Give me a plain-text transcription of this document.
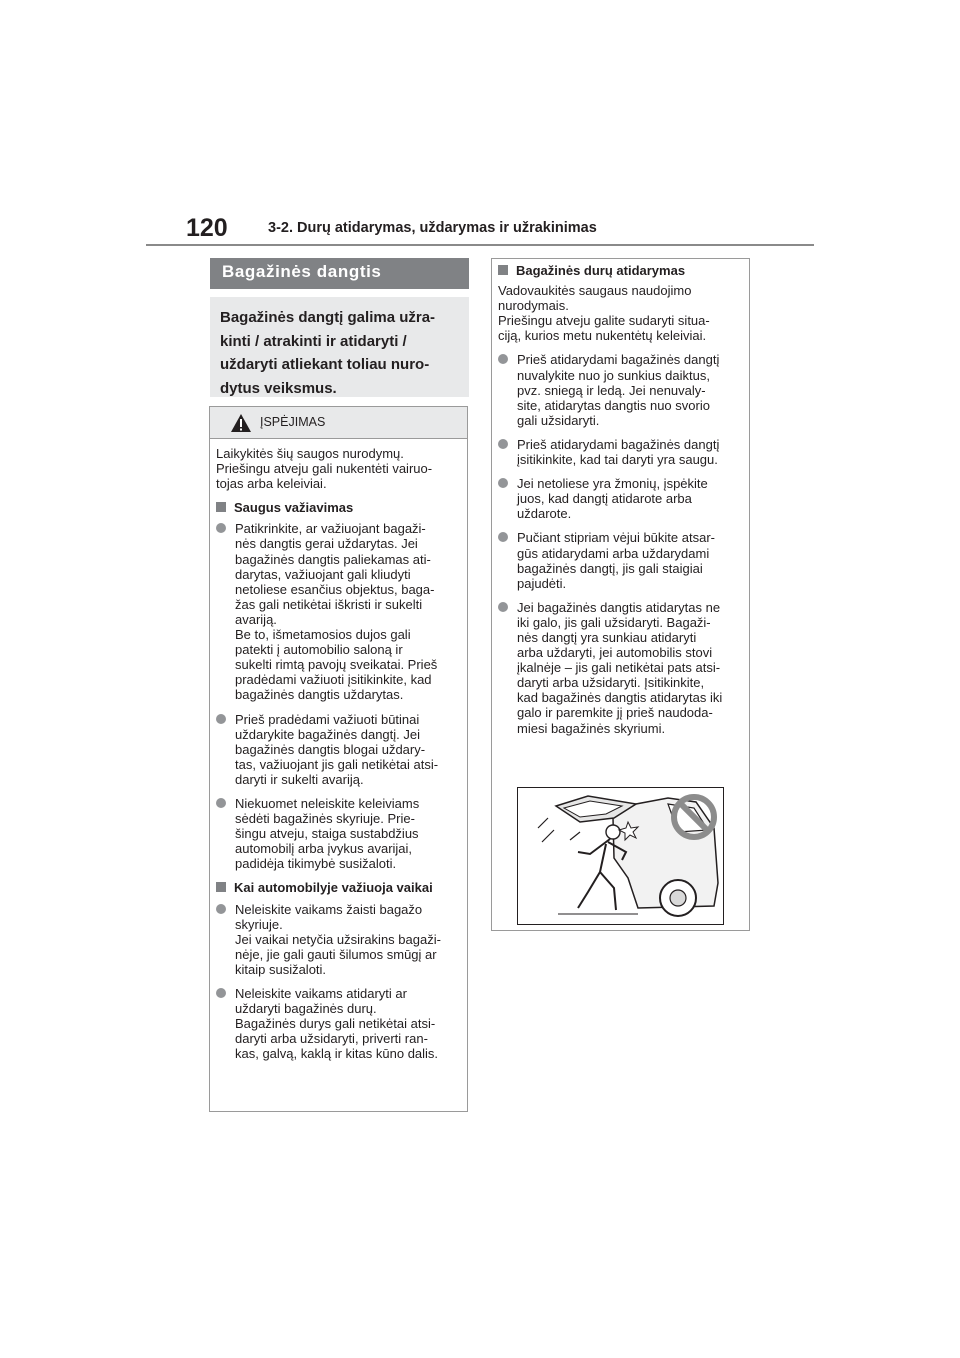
120	3-2. Durų atidarymas, uždarymas ir užrakinimas
Bagažinės dangtis
Bagažinės dangtį galima užra-
kinti / atrakinti ir atidaryti /
uždaryti atliekant toliau nuro-
dytus veiksmus.
ĮSPĖJIMAS
Laikykitės šių saugos nurodymų.
Priešingu atveju gali nukentėti vairuo-
tojas arba keleiviai.
Saugus važiavimas
Patikrinkite, ar važiuojant bagaži-
nės dangtis gerai uždarytas. Jei
bagažinės dangtis paliekamas ati-
darytas, važiuojant gali kliudyti
netoliese esančius objektus, baga-
žas gali netikėtai iškristi ir sukelti
avariją.
Be to, išmetamosios dujos gali
patekti į automobilio saloną ir
sukelti rimtą pavojų sveikatai. Prieš
pradėdami važiuoti įsitikinkite, kad
bagažinės dangtis uždarytas.
Prieš pradėdami važiuoti būtinai
uždarykite bagažinės dangtį. Jei
bagažinės dangtis blogai uždary-
tas, važiuojant jis gali netikėtai atsi-
daryti ir sukelti avariją.
Niekuomet neleiskite keleiviams
sėdėti bagažinės skyriuje. Prie-
šingu atveju, staiga sustabdžius
automobilį arba įvykus avarijai,
padidėja tikimybė susižaloti.
Kai automobilyje važiuoja vaikai
Neleiskite vaikams žaisti bagažo
skyriuje.
Jei vaikai netyčia užsirakins bagaži-
nėje, jie gali gauti šilumos smūgį ar
kitaip susižaloti.
Neleiskite vaikams atidaryti ar
uždaryti bagažinės durų.
Bagažinės durys gali netikėtai atsi-
daryti arba užsidaryti, priverti ran-
kas, galvą, kaklą ir kitas kūno dalis.
Bagažinės durų atidarymas
Vadovaukitės saugaus naudojimo
nurodymais.
Priešingu atveju galite sudaryti situa-
ciją, kurios metu nukentėtų keleiviai.
Prieš atidarydami bagažinės dangtį
nuvalykite nuo jo sunkius daiktus,
pvz. sniegą ir ledą. Jei nenuvaly-
site, atidarytas dangtis nuo svorio
gali užsidaryti.
Prieš atidarydami bagažinės dangtį
įsitikinkite, kad tai daryti yra saugu.
Jei netoliese yra žmonių, įspėkite
juos, kad dangtį atidarote arba
uždarote.
Pučiant stipriam vėjui būkite atsar-
gūs atidarydami arba uždarydami
bagažinės dangtį, jis gali staigiai
pajudėti.
Jei bagažinės dangtis atidarytas ne
iki galo, jis gali užsidaryti. Bagaži-
nės dangtį yra sunkiau atidaryti
arba uždaryti, jei automobilis stovi
įkalnėje – jis gali netikėtai pats atsi-
daryti arba užsidaryti. Įsitikinkite,
kad bagažinės dangtis atidarytas iki
galo ir paremkite jį prieš naudoda-
miesi bagažinės skyriumi.
